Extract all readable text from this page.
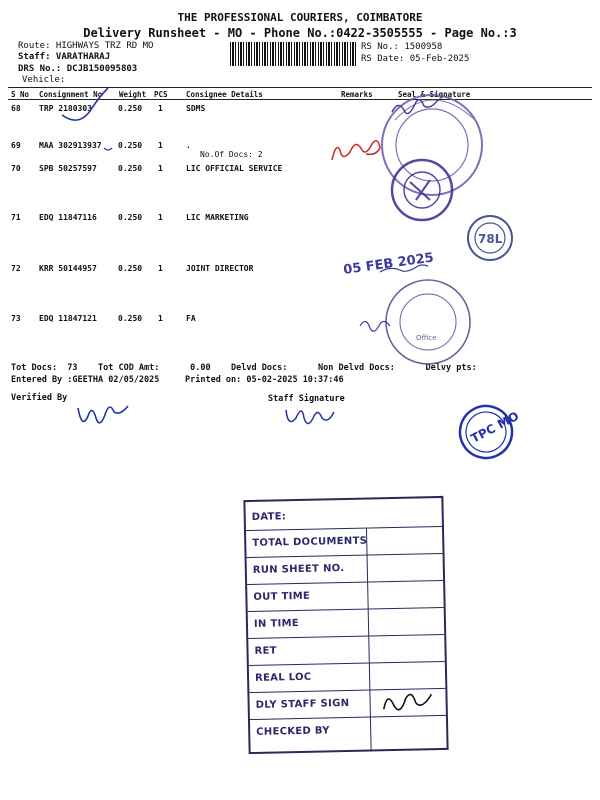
THE PROFESSIONAL COURIERS, COIMBATORE
Delivery Runsheet - MO - Phone No.:0422-3505555 - Page No.:3
Route: HIGHWAYS TRZ RD MO
Staff: VARATHARAJ
DRS No.: DCJB150095803
Vehicle:
RS No.: 1500958
RS Date: 05-Feb-2025
S No Consignment No Weight PCS Consignee Details	Remarks	Seal & Signature
68 TRP 2180303	0.250 1	SDMS
69 MAA 302913937 0.250 1	.
No.Of Docs: 2
70 SPB 50257597	0.250 1	LIC OFFICIAL SERVICE
71 EDQ 11847116	0.250 1	LIC MARKETING
72 KRR 50144957	0.250 1	JOINT DIRECTOR
73 EDQ 11847121	0.250 1	FA
Tot Docs:  73    Tot COD Amt:      0.00    Delvd Docs:      Non Delvd Docs:      Delvy pts:
Entered By :GEETHA 02/05/2025     Printed on: 05-02-2025 10:37:46
Verified By	Staff Signature
78L
05 FEB 2025
Office
TPC MO
DATE:
TOTAL DOCUMENTS
RUN SHEET NO.
OUT TIME
IN TIME
RET
REAL LOC
DLY STAFF SIGN
CHECKED BY
